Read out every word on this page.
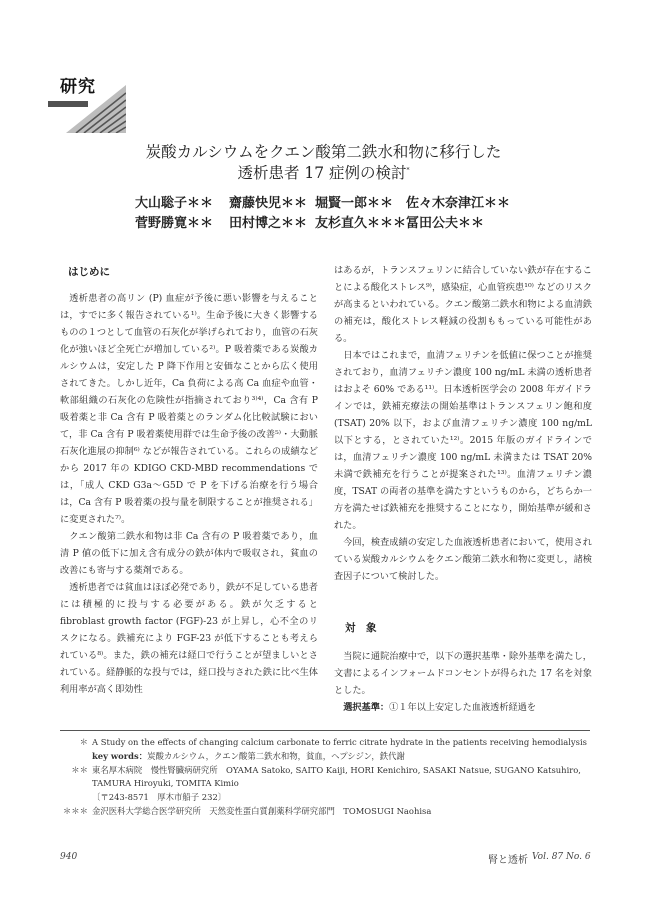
研究
炭酸カルシウムをクエン酸第二鉄水和物に移行した
透析患者 17 症例の検討*
大山聡子＊＊ 齋藤快児＊＊ 堀賢一郎＊＊ 佐々木奈津江＊＊
菅野勝寛＊＊ 田村博之＊＊ 友杉直久＊＊＊ 冨田公夫＊＊
はじめに

透析患者の高リン (P) 血症が予後に悪い影響を与えることは，すでに多く報告されている¹⁾。生命予後に大きく影響するものの１つとして血管の石灰化が挙げられており，血管の石灰化が強いほど全死亡が増加している²⁾。P 吸着薬である炭酸カルシウムは，安定した P 降下作用と安価なことから広く使用されてきた。しかし近年，Ca 負荷による高 Ca 血症や血管・軟部組織の石灰化の危険性が指摘されており³⁾⁴⁾，Ca 含有 P 吸着薬と非 Ca 含有 P 吸着薬とのランダム化比較試験において，非 Ca 含有 P 吸着薬使用群では生命予後の改善⁵⁾・大動脈石灰化進展の抑制⁶⁾ などが報告されている。これらの成績などから 2017 年の KDIGO CKD-MBD recommendations では，「成人 CKD G3a～G5D で P を下げる治療を行う場合は，Ca 含有 P 吸着薬の投与量を制限することが推奨される」に変更された⁷⁾。

クエン酸第二鉄水和物は非 Ca 含有の P 吸着薬であり，血清 P 値の低下に加え含有成分の鉄が体内で吸収され，貧血の改善にも寄与する薬剤である。

透析患者では貧血はほぼ必発であり，鉄が不足している患者には積極的に投与する必要がある。鉄が欠乏すると fibroblast growth factor (FGF)-23 が上昇し，心不全のリスクになる。鉄補充により FGF-23 が低下することも考えられている⁸⁾。また，鉄の補充は経口で行うことが望ましいとされている。経静脈的な投与では，経口投与された鉄に比べ生体利用率が高く即効性

はあるが，トランスフェリンに結合していない鉄が存在することによる酸化ストレス⁹⁾，感染症，心血管疾患¹⁰⁾ などのリスクが高まるといわれている。クエン酸第二鉄水和物による血清鉄の補充は，酸化ストレス軽減の役割ももっている可能性がある。

日本ではこれまで，血清フェリチンを低値に保つことが推奨されており，血清フェリチン濃度 100 ng/mL 未満の透析患者はおよそ 60% である¹¹⁾。日本透析医学会の 2008 年ガイドラインでは，鉄補充療法の開始基準はトランスフェリン飽和度 (TSAT) 20% 以下，および血清フェリチン濃度 100 ng/mL 以下とする，とされていた¹²⁾。2015 年版のガイドラインでは，血清フェリチン濃度 100 ng/mL 未満または TSAT 20% 未満で鉄補充を行うことが提案された¹³⁾。血清フェリチン濃度，TSAT の両者の基準を満たすというものから，どちらか一方を満たせば鉄補充を推奨することになり，開始基準が緩和された。

今回，検査成績の安定した血液透析患者において，使用されている炭酸カルシウムをクエン酸第二鉄水和物に変更し，諸検査因子について検討した。

対　象

当院に通院治療中で，以下の選択基準・除外基準を満たし，文書によるインフォームドコンセントが得られた 17 名を対象とした。

選択基準：①１年以上安定した血液透析経過を

＊ A Study on the effects of changing calcium carbonate to ferric citrate hydrate in the patients receiving hemodialysis
key words：炭酸カルシウム，クエン酸第二鉄水和物，貧血，ヘプシジン，鉄代謝
＊＊ 東名厚木病院　慢性腎臓病研究所　OYAMA Satoko, SAITO Kaiji, HORI Kenichiro, SASAKI Natsue, SUGANO Katsuhiro, TAMURA Hiroyuki, TOMITA Kimio
〔〒243-8571　厚木市船子 232〕
＊＊＊ 金沢医科大学総合医学研究所　天然変性蛋白質創薬科学研究部門　TOMOSUGI Naohisa
940	腎と透析 Vol. 87 No. 6
